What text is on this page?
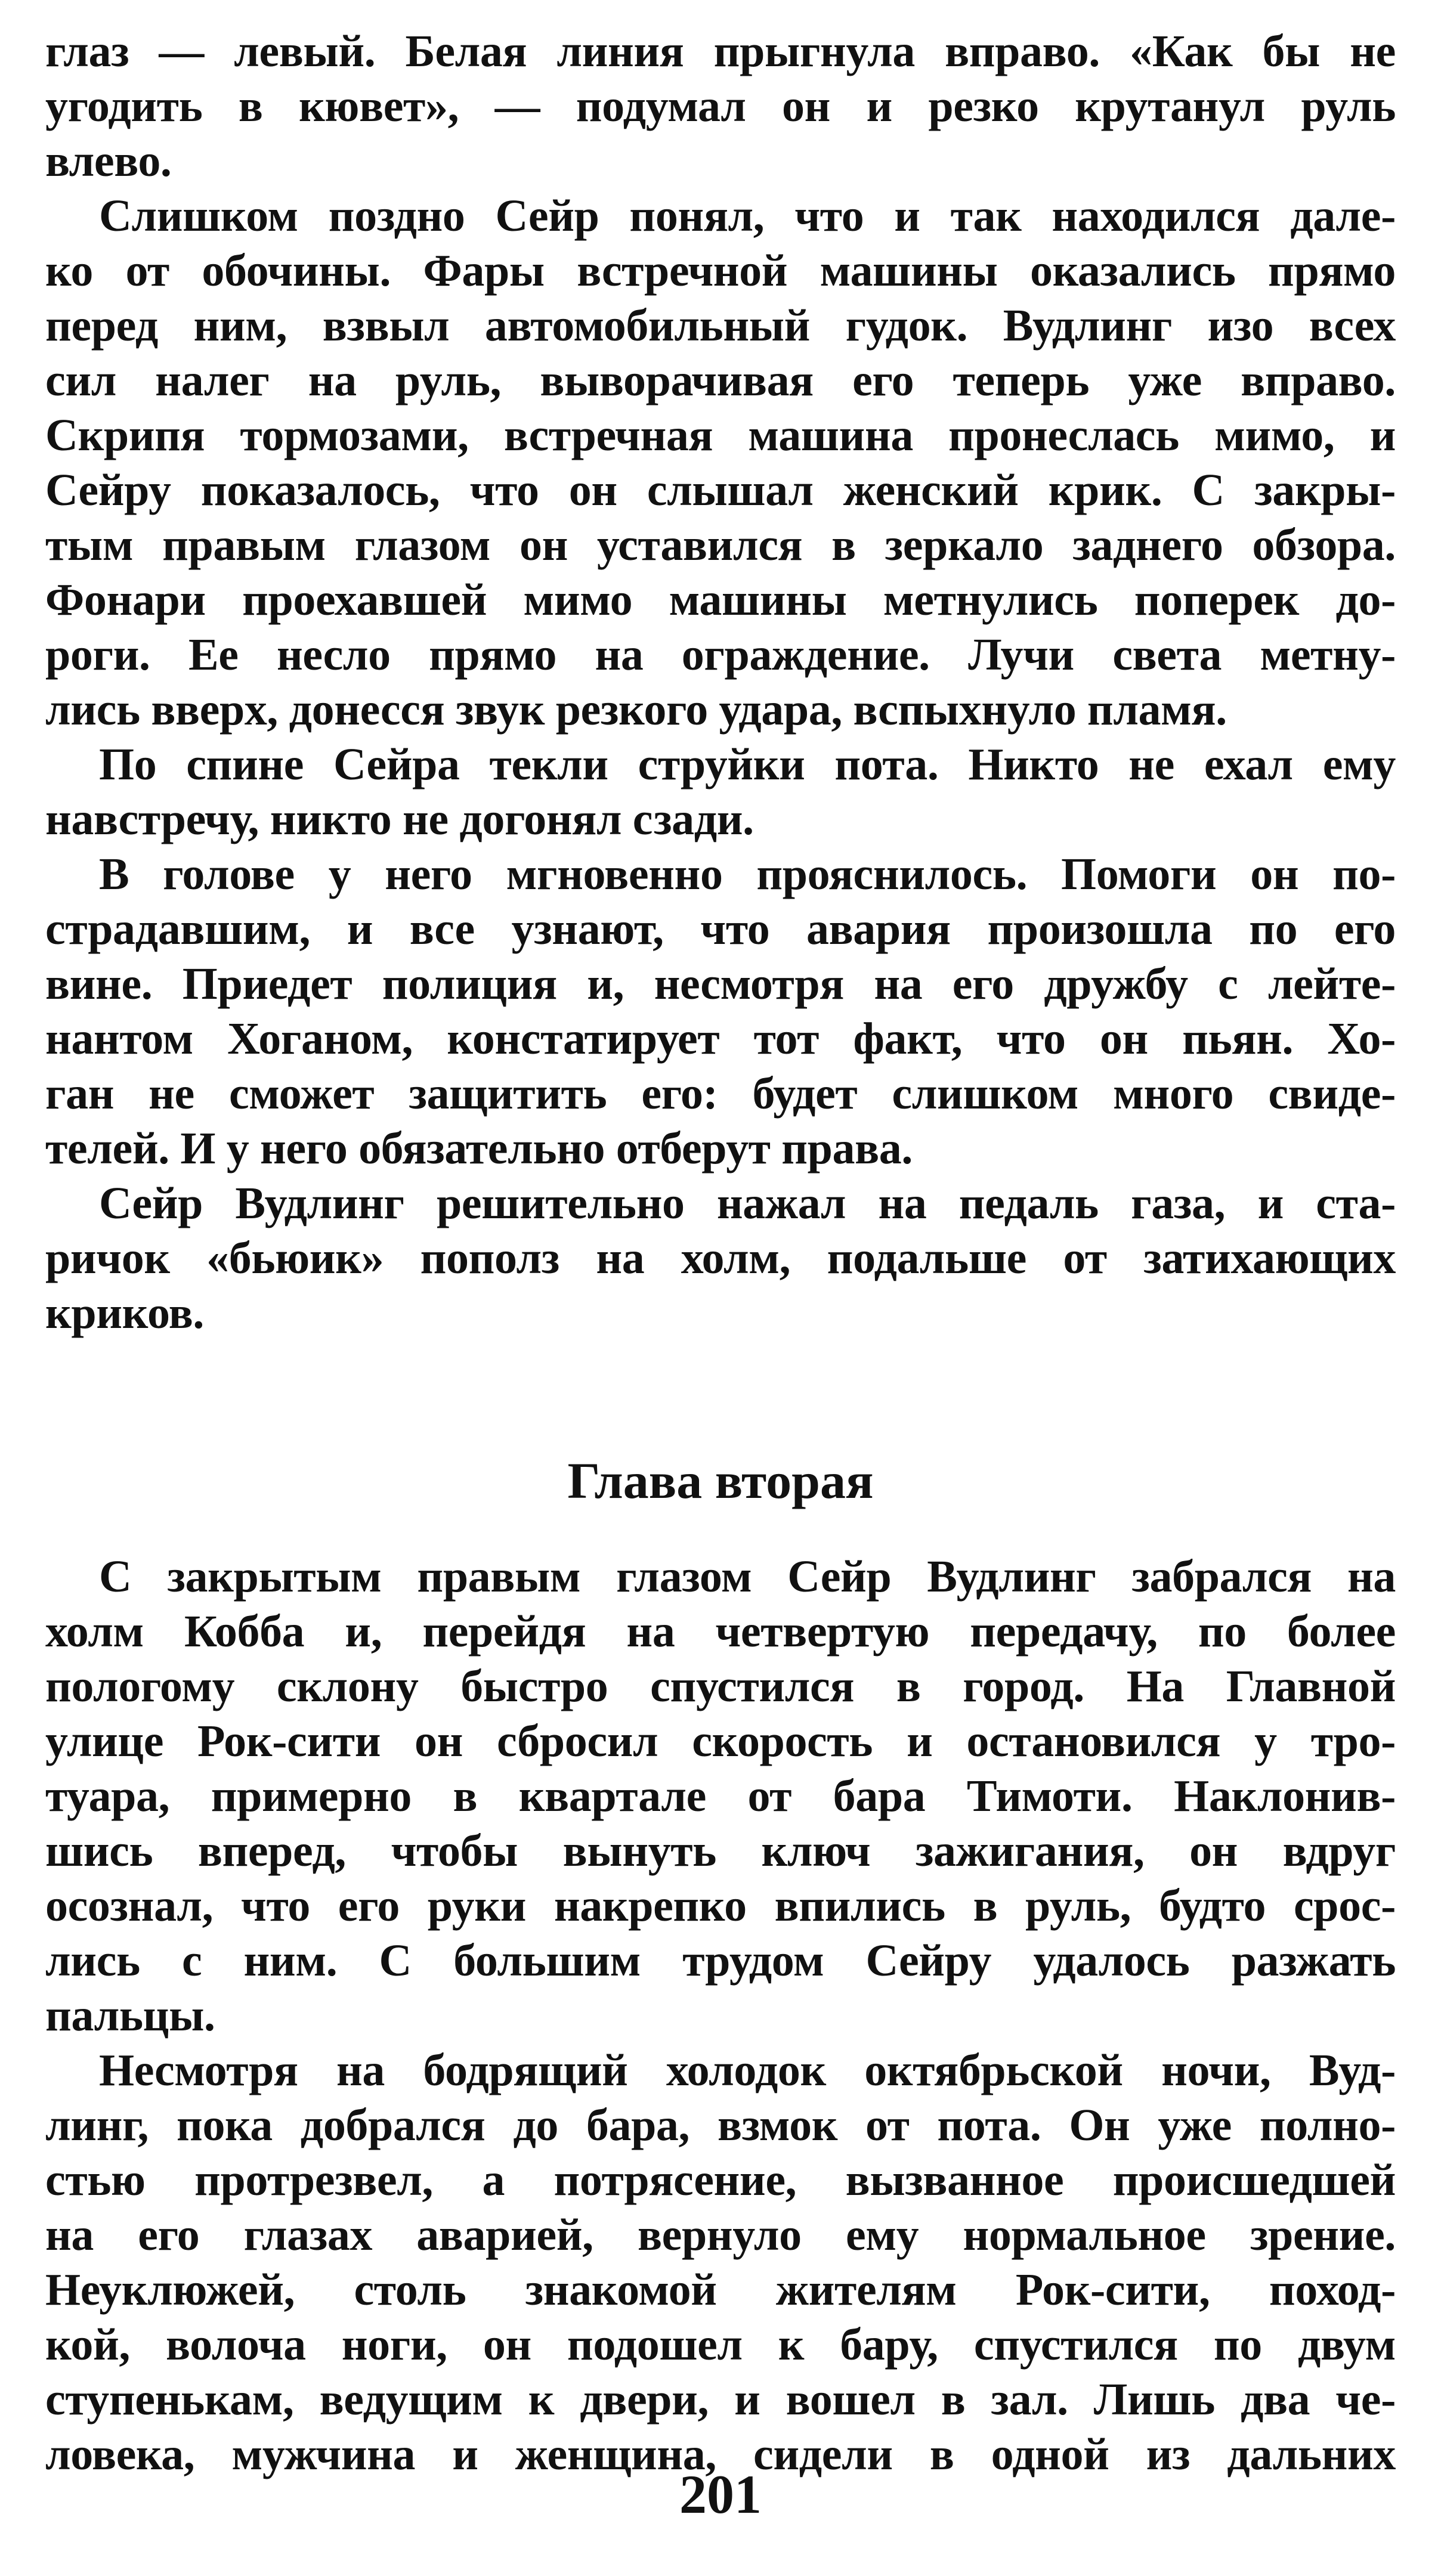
глаз — левый. Белая линия прыгнула вправо. «Как бы не
угодить в кювет», — подумал он и резко крутанул руль
влево.
Слишком поздно Сейр понял, что и так находился дале-
ко от обочины. Фары встречной машины оказались прямо
перед ним, взвыл автомобильный гудок. Вудлинг изо всех
сил налег на руль, выворачивая его теперь уже вправо.
Скрипя тормозами, встречная машина пронеслась мимо, и
Сейру показалось, что он слышал женский крик. С закры-
тым правым глазом он уставился в зеркало заднего обзора.
Фонари проехавшей мимо машины метнулись поперек до-
роги. Ее несло прямо на ограждение. Лучи света метну-
лись вверх, донесся звук резкого удара, вспыхнуло пламя.
По спине Сейра текли струйки пота. Никто не ехал ему
навстречу, никто не догонял сзади.
В голове у него мгновенно прояснилось. Помоги он по-
страдавшим, и все узнают, что авария произошла по его
вине. Приедет полиция и, несмотря на его дружбу с лейте-
нантом Хоганом, констатирует тот факт, что он пьян. Хо-
ган не сможет защитить его: будет слишком много свиде-
телей. И у него обязательно отберут права.
Сейр Вудлинг решительно нажал на педаль газа, и ста-
ричок «бьюик» пополз на холм, подальше от затихающих
криков.
Глава вторая
С закрытым правым глазом Сейр Вудлинг забрался на
холм Кобба и, перейдя на четвертую передачу, по более
пологому склону быстро спустился в город. На Главной
улице Рок-сити он сбросил скорость и остановился у тро-
туара, примерно в квартале от бара Тимоти. Наклонив-
шись вперед, чтобы вынуть ключ зажигания, он вдруг
осознал, что его руки накрепко впились в руль, будто срос-
лись с ним. С большим трудом Сейру удалось разжать
пальцы.
Несмотря на бодрящий холодок октябрьской ночи, Вуд-
линг, пока добрался до бара, взмок от пота. Он уже полно-
стью протрезвел, а потрясение, вызванное происшедшей
на его глазах аварией, вернуло ему нормальное зрение.
Неуклюжей, столь знакомой жителям Рок-сити, поход-
кой, волоча ноги, он подошел к бару, спустился по двум
ступенькам, ведущим к двери, и вошел в зал. Лишь два че-
ловека, мужчина и женщина, сидели в одной из дальних
201
